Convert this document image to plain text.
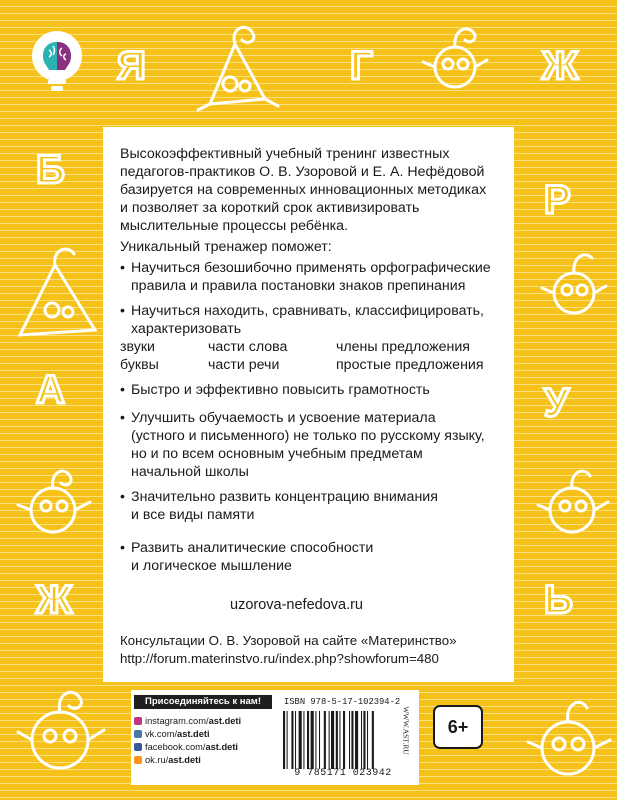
Я	Г	Ж
Б
А
Ж
Р
У
Ь
Высокоэффективный учебный тренинг известных
педагогов-практиков О. В. Узоровой и Е. А. Нефёдовой
базируется на современных инновационных методиках
и позволяет за короткий срок активизировать
мыслительные процессы ребёнка.
Уникальный тренажер поможет:
• Научиться безошибочно применять орфографические
правила и правила постановки знаков препинания
• Научиться находить, сравнивать, классифицировать,
характеризовать
звуки	части слова	члены предложения
буквы	части речи	простые предложения
• Быстро и эффективно повысить грамотность
• Улучшить обучаемость и усвоение материала
(устного и письменного) не только по русскому языку,
но и по всем основным учебным предметам
начальной школы
• Значительно развить концентрацию внимания
и все виды памяти
• Развить аналитические способности
и логическое мышление
uzorova-nefedova.ru
Консультации О. В. Узоровой на сайте «Материнство»
http://forum.materinstvo.ru/index.php?showforum=480
Присоединяйтесь к нам!
instagram.com/ast.deti
vk.com/ast.deti
facebook.com/ast.deti
ok.ru/ast.deti
ISBN 978-5-17-102394-2
9 785171 023942
WWW.AST.RU	6+
